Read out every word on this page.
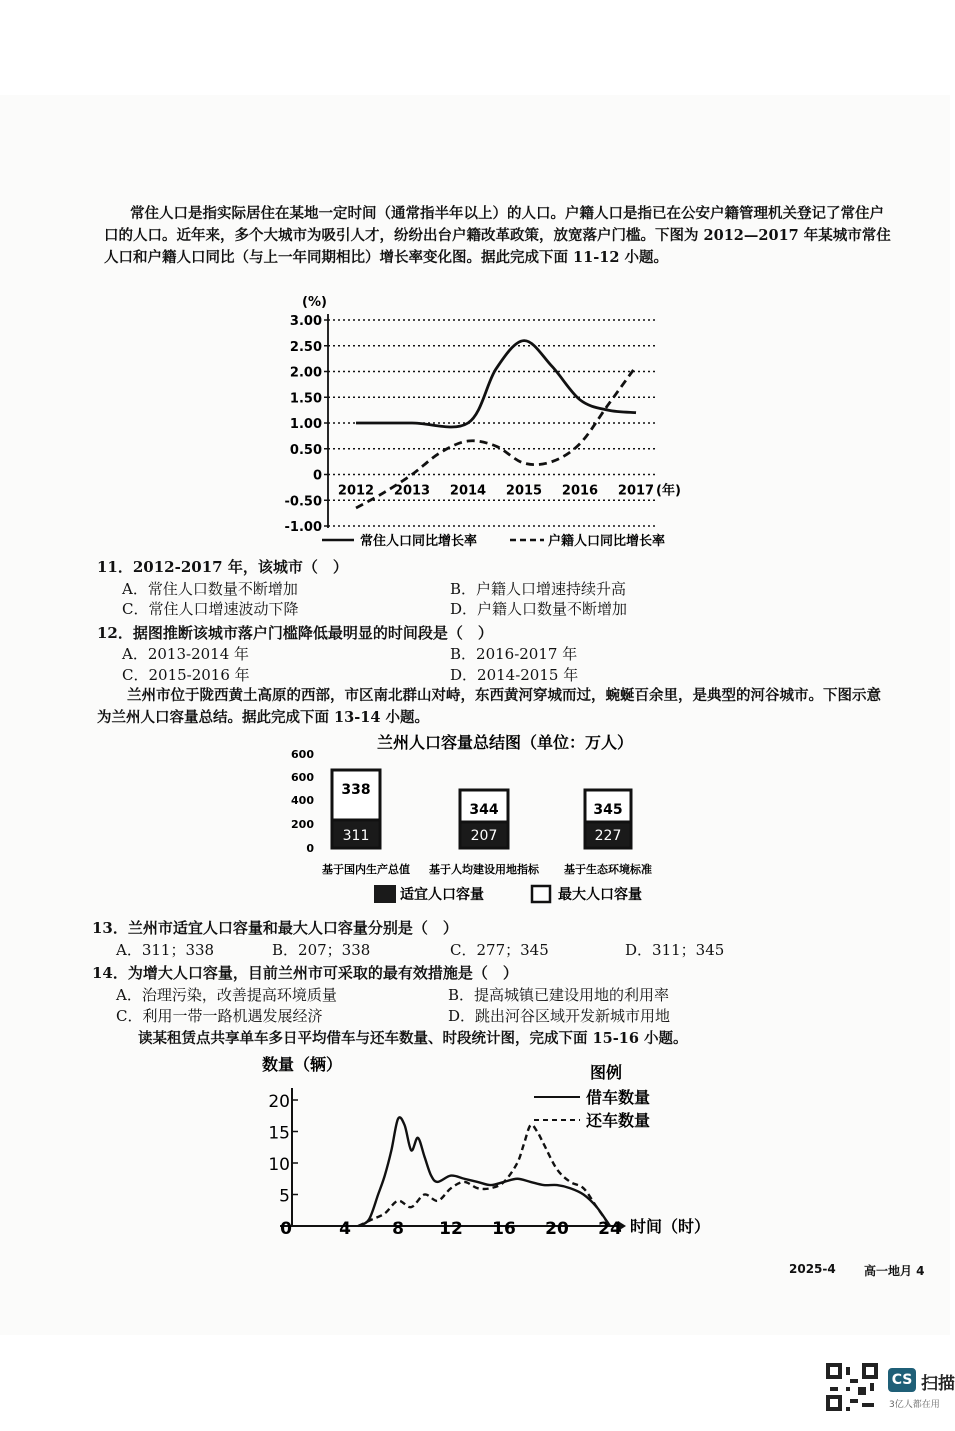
常住人口是指实际居住在某地一定时间（通常指半年以上）的人口。户籍人口是指已在公安户籍管理机关登记了常住户口的人口。近年来，多个大城市为吸引人才，纷纷出台户籍改革政策，放宽落户门槛。下图为 2012—2017 年某城市常住人口和户籍人口同比（与上一年同期相比）增长率变化图。据此完成下面 11-12 小题。
(%)
3.00
2.50
2.00
1.50
1.00
0.50
0
-0.50
-1.00
2012 2013 2014 2015 2016 2017 (年)
常住人口同比增长率	户籍人口同比增长率
11．2012-2017 年，该城市（　）
A．常住人口数量不断增加	B．户籍人口增速持续升高
C．常住人口增速波动下降	D．户籍人口数量不断增加
12．据图推断该城市落户门槛降低最明显的时间段是（　）
A．2013-2014 年	B．2016-2017 年
C．2015-2016 年	D．2014-2015 年
兰州市位于陇西黄土高原的西部，市区南北群山对峙，东西黄河穿城而过，蜿蜒百余里，是典型的河谷城市。下图示意为兰州人口容量总结。据此完成下面 13-14 小题。
兰州人口容量总结图（单位：万人）
600
600
400
200
0
338
311
基于国内生产总值
344
207
基于人均建设用地指标
345
227
基于生态环境标准
适宜人口容量	最大人口容量
13．兰州市适宜人口容量和最大人口容量分别是（　）
A．311；338	B．207；338	C．277；345	D．311；345
14．为增大人口容量，目前兰州市可采取的最有效措施是（　）
A．治理污染，改善提高环境质量	B．提高城镇已建设用地的利用率
C．利用一带一路机遇发展经济	D．跳出河谷区域开发新城市用地
读某租赁点共享单车多日平均借车与还车数量、时段统计图，完成下面 15-16 小题。
数量（辆）
20
15
10
5
0	4 8 12 16 20 24 时间（时）
图例
借车数量
还车数量
2025-4 高一地月 4
CS 扫描
3亿人都在用
